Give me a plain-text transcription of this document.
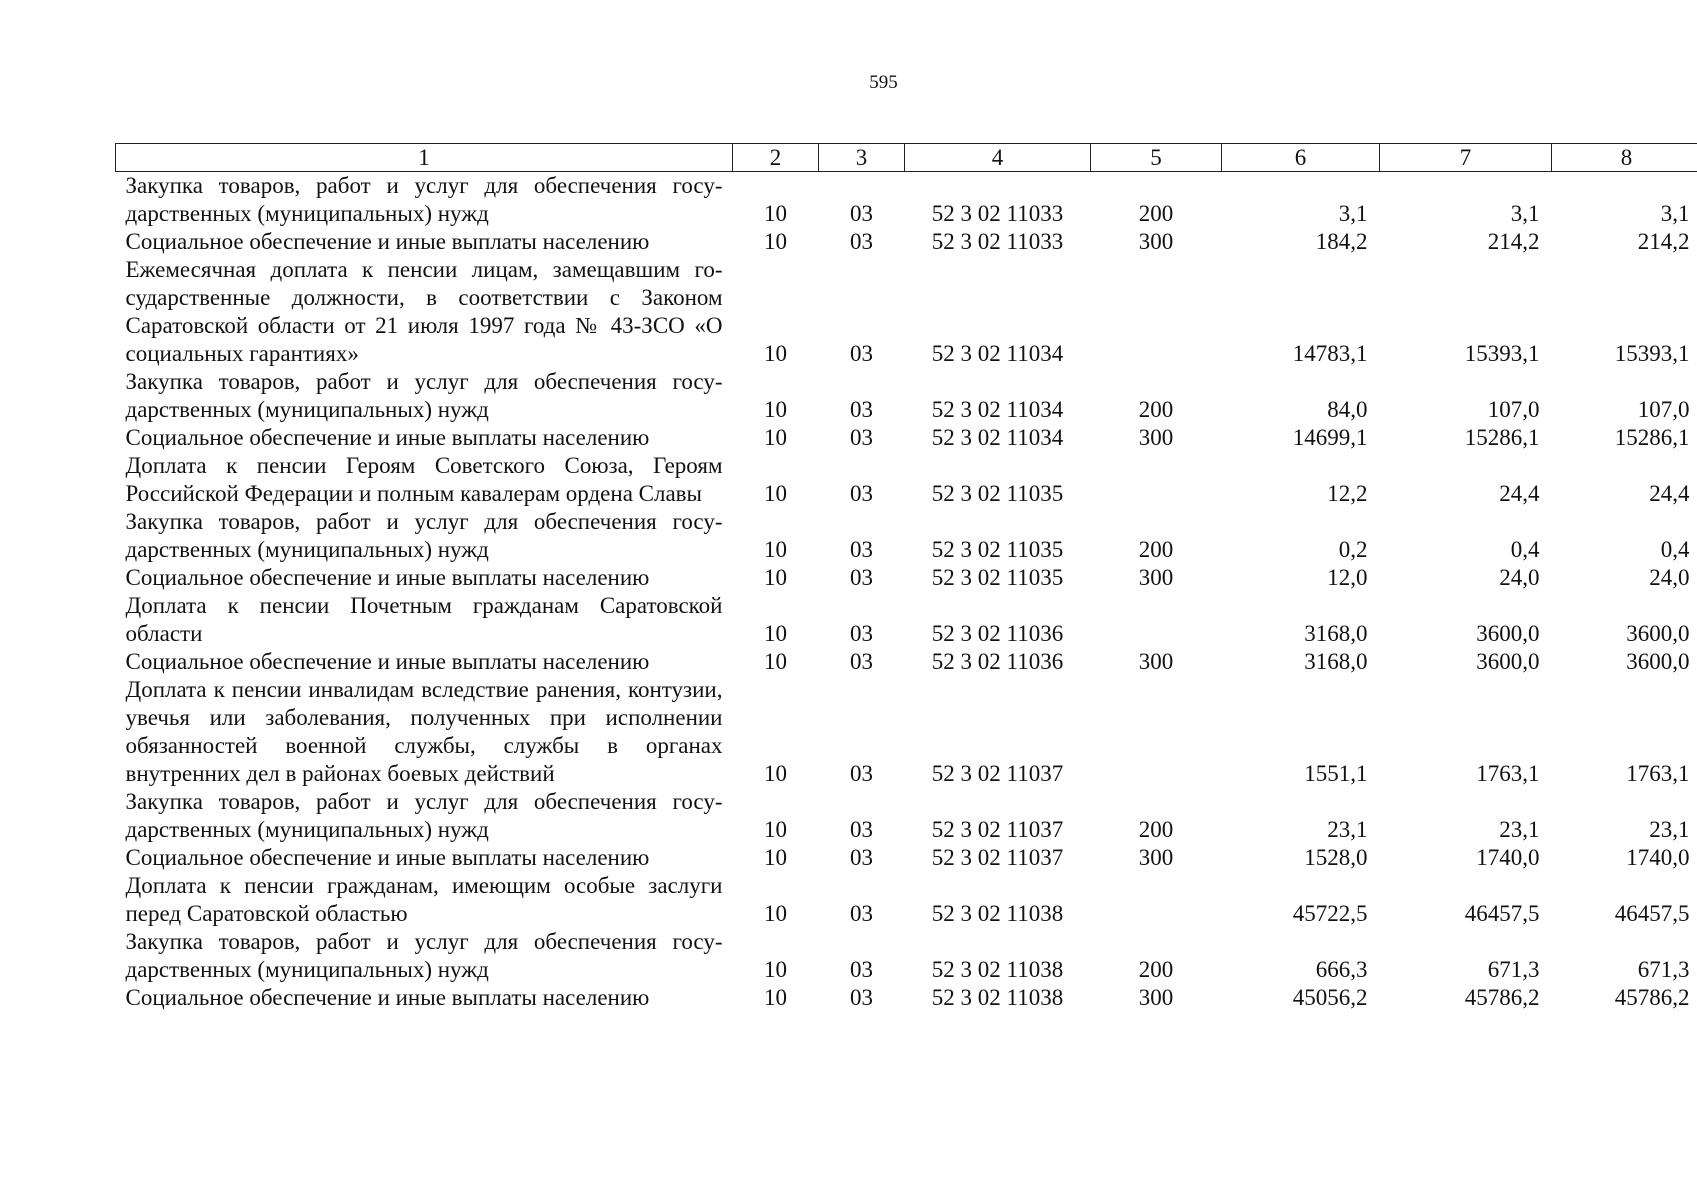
595
1	2	3	4	5	6	7	8
Закупка товаров, работ и услуг для обеспечения государственных (муниципальных) нужд	10	03	52 3 02 11033	200	3,1	3,1	3,1
Социальное обеспечение и иные выплаты населению	10	03	52 3 02 11033	300	184,2	214,2	214,2
Ежемесячная доплата к пенсии лицам, замещавшим государственные должности, в соответствии с Законом Саратовской области от 21 июля 1997 года № 43-ЗСО «О социальных гарантиях»	10	03	52 3 02 11034		14783,1	15393,1	15393,1
Закупка товаров, работ и услуг для обеспечения государственных (муниципальных) нужд	10	03	52 3 02 11034	200	84,0	107,0	107,0
Социальное обеспечение и иные выплаты населению	10	03	52 3 02 11034	300	14699,1	15286,1	15286,1
Доплата к пенсии Героям Советского Союза, Героям Российской Федерации и полным кавалерам ордена Славы	10	03	52 3 02 11035		12,2	24,4	24,4
Закупка товаров, работ и услуг для обеспечения государственных (муниципальных) нужд	10	03	52 3 02 11035	200	0,2	0,4	0,4
Социальное обеспечение и иные выплаты населению	10	03	52 3 02 11035	300	12,0	24,0	24,0
Доплата к пенсии Почетным гражданам Саратовской области	10	03	52 3 02 11036		3168,0	3600,0	3600,0
Социальное обеспечение и иные выплаты населению	10	03	52 3 02 11036	300	3168,0	3600,0	3600,0
Доплата к пенсии инвалидам вследствие ранения, контузии, увечья или заболевания, полученных при исполнении обязанностей военной службы, службы в органах внутренних дел в районах боевых действий	10	03	52 3 02 11037		1551,1	1763,1	1763,1
Закупка товаров, работ и услуг для обеспечения государственных (муниципальных) нужд	10	03	52 3 02 11037	200	23,1	23,1	23,1
Социальное обеспечение и иные выплаты населению	10	03	52 3 02 11037	300	1528,0	1740,0	1740,0
Доплата к пенсии гражданам, имеющим особые заслуги перед Саратовской областью	10	03	52 3 02 11038		45722,5	46457,5	46457,5
Закупка товаров, работ и услуг для обеспечения государственных (муниципальных) нужд	10	03	52 3 02 11038	200	666,3	671,3	671,3
Социальное обеспечение и иные выплаты населению	10	03	52 3 02 11038	300	45056,2	45786,2	45786,2
